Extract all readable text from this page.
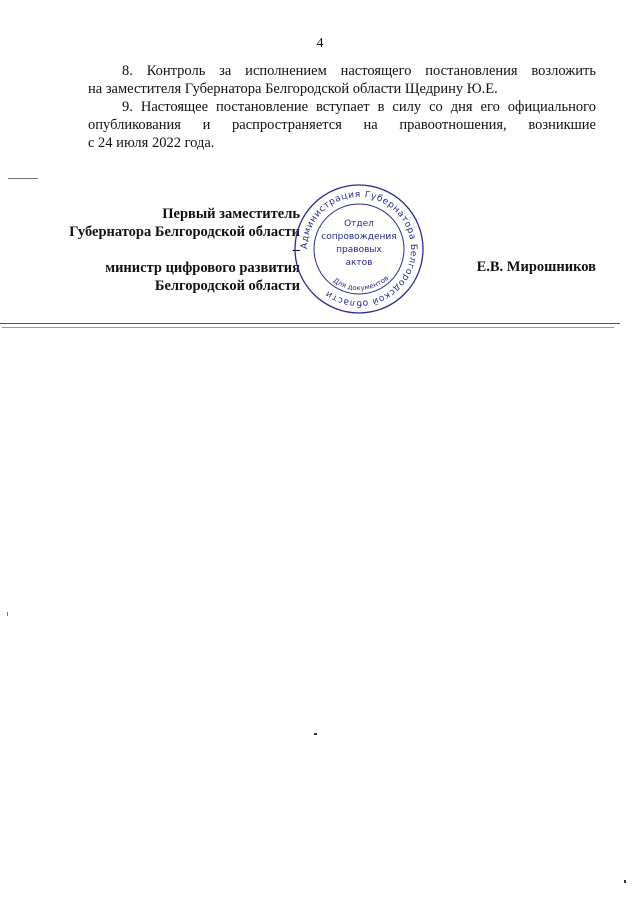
4

8. Контроль за исполнением настоящего постановления возложить
на заместителя Губернатора Белгородской области Щедрину Ю.Е.

9. Настоящее постановление вступает в силу со дня его официального
опубликования и распространяется на правоотношения, возникшие
с 24 июля 2022 года.

Первый заместитель
Губернатора Белгородской области –
министр цифрового развития
Белгородской области
Администрация Губернатора Белгородской области
Для документов
Отдел
сопровождения
правовых
актов	Е.В. Мирошников
